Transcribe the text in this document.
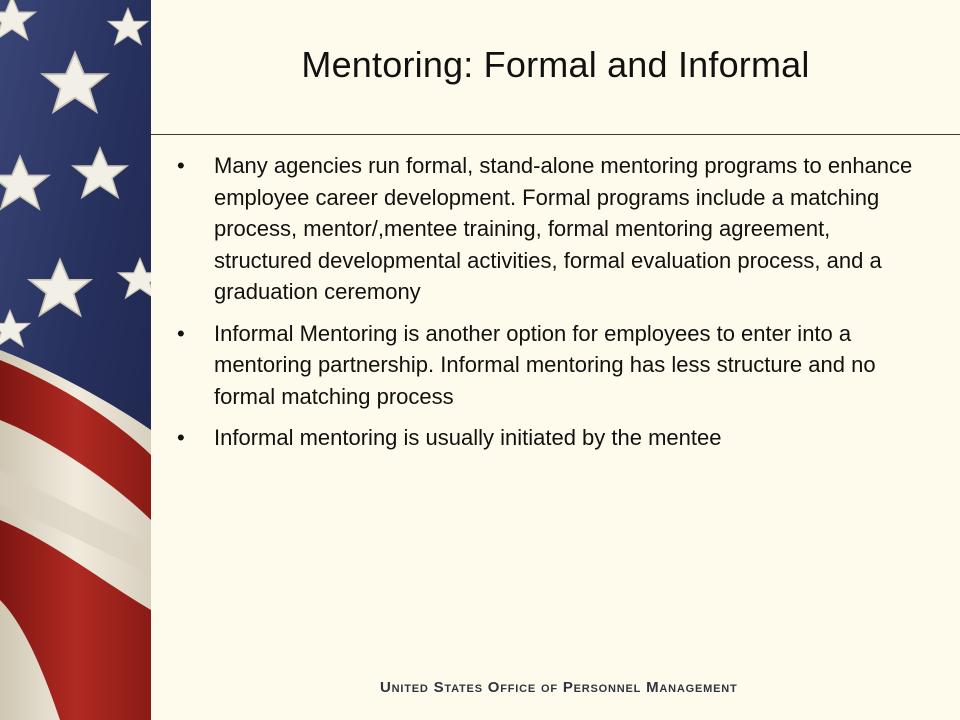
Mentoring: Formal and Informal
• Many agencies run formal, stand-alone mentoring programs to enhance employee career development. Formal programs include a matching process, mentor/,mentee training, formal mentoring agreement, structured developmental activities, formal evaluation process, and a graduation ceremony
• Informal Mentoring is another option for employees to enter into a mentoring partnership. Informal mentoring has less structure and no formal matching process
• Informal mentoring is usually initiated by the mentee
United States Office of Personnel Management
